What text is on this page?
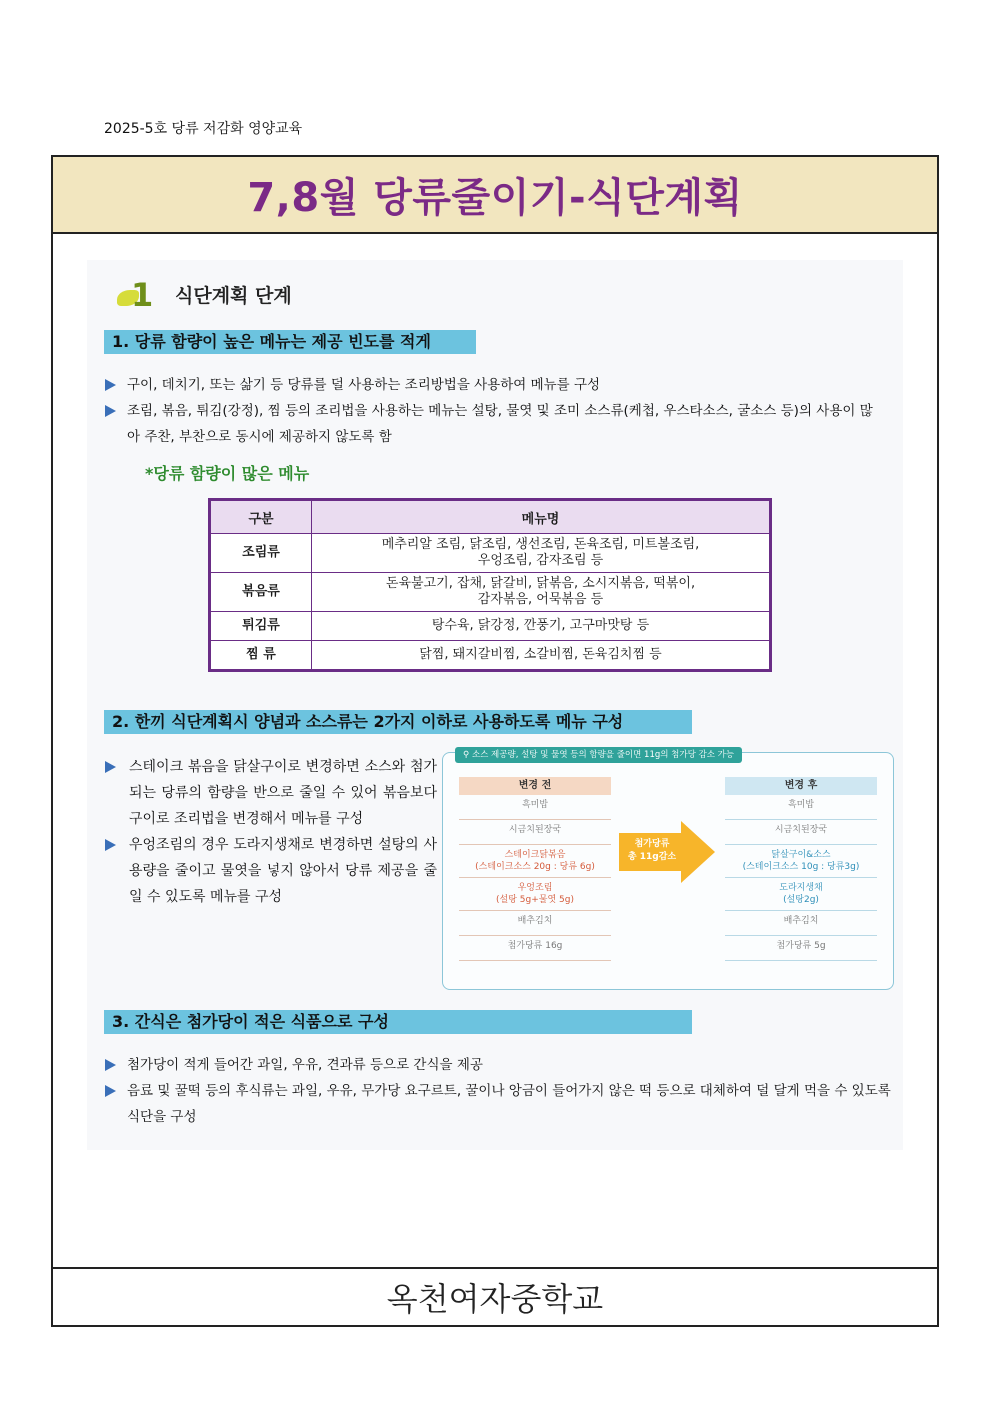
2025-5호 당류 저감화 영양교육
7,8월 당류줄이기-식단계획
1 식단계획 단계
1. 당류 함량이 높은 메뉴는 제공 빈도를 적게
구이, 데치기, 또는 삶기 등 당류를 덜 사용하는 조리방법을 사용하여 메뉴를 구성
조림, 볶음, 튀김(강정), 찜 등의 조리법을 사용하는 메뉴는 설탕, 물엿 및 조미 소스류(케첩, 우스타소스, 굴소스 등)의 사용이 많아 주찬, 부찬으로 동시에 제공하지 않도록 함
*당류 함량이 많은 메뉴
구분	메뉴명
조림류	메추리알 조림, 닭조림, 생선조림, 돈육조림, 미트볼조림,
우엉조림, 감자조림 등

볶음류	돈육불고기, 잡채, 닭갈비, 닭볶음, 소시지볶음, 떡볶이,
감자볶음, 어묵볶음 등

튀김류	탕수육, 닭강정, 깐풍기, 고구마맛탕 등
찜 류	닭찜, 돼지갈비찜, 소갈비찜, 돈육김치찜 등
2. 한끼 식단계획시 양념과 소스류는 2가지 이하로 사용하도록 메뉴 구성
스테이크 볶음을 닭살구이로 변경하면 소스와 첨가되는 당류의 함량을 반으로 줄일 수 있어 볶음보다 구이로 조리법을 변경해서 메뉴를 구성
우엉조림의 경우 도라지생채로 변경하면 설탕의 사용량을 줄이고 물엿을 넣지 않아서 당류 제공을 줄일 수 있도록 메뉴를 구성
⚲ 소스 제공량, 설탕 및 물엿 등의 함량을 줄이면 11g의 첨가당 감소 가능
변경 전
흑미밥
시금치된장국
스테이크닭볶음
(스테이크소스 20g : 당류 6g)
우엉조림
(설탕 5g+물엿 5g)
배추김치
첨가당류 16g
첨가당류
총 11g감소
변경 후
흑미밥
시금치된장국
닭살구이&소스
(스테이크소스 10g : 당류3g)
도라지생채
(설탕2g)
배추김치
첨가당류 5g
3. 간식은 첨가당이 적은 식품으로 구성
첨가당이 적게 들어간 과일, 우유, 견과류 등으로 간식을 제공
음료 및 꿀떡 등의 후식류는 과일, 우유, 무가당 요구르트, 꿀이나 앙금이 들어가지 않은 떡 등으로 대체하여 덜 달게 먹을 수 있도록 식단을 구성
옥천여자중학교
